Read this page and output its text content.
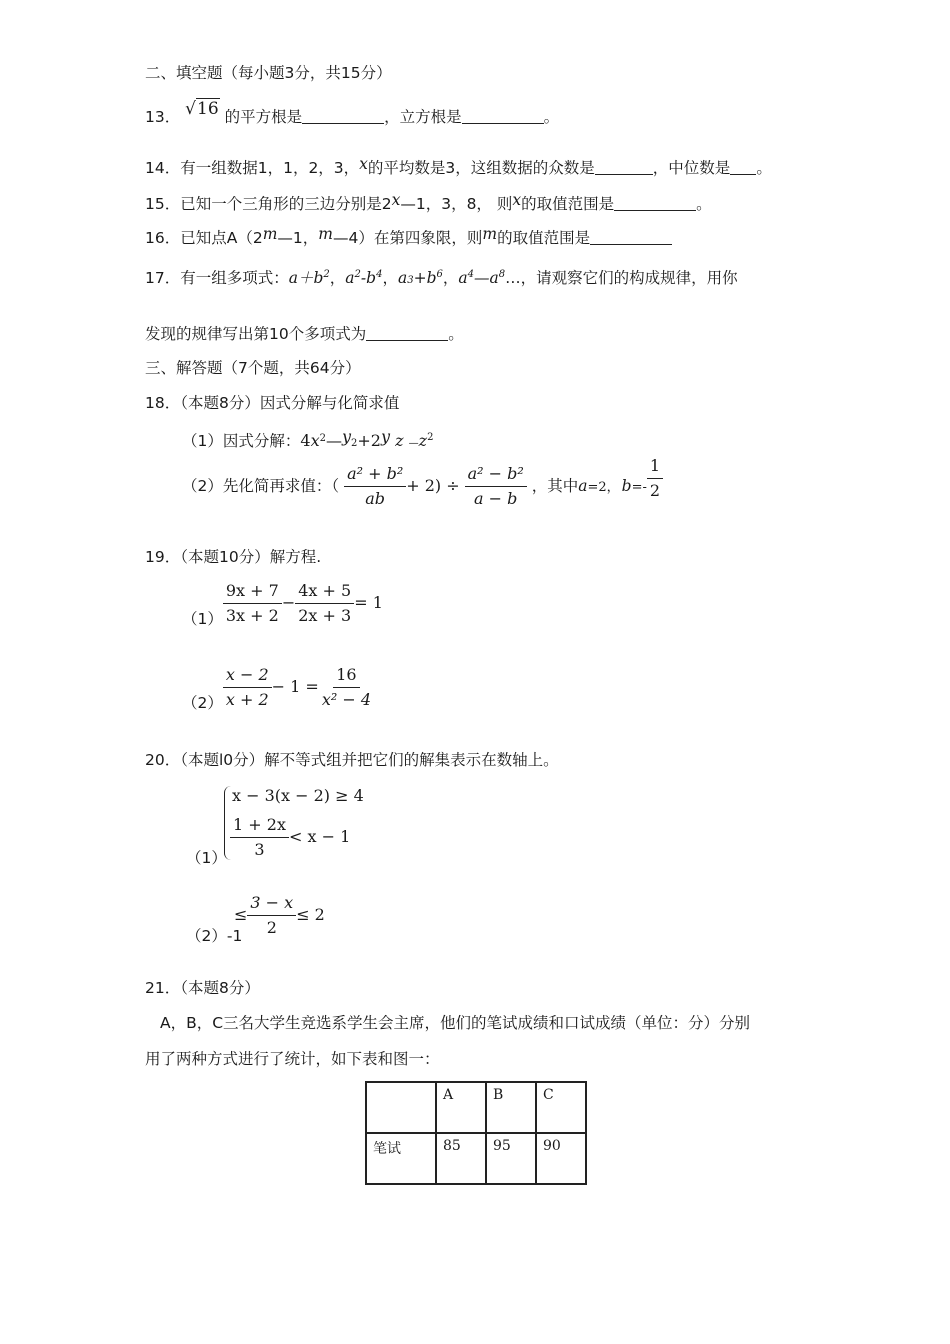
二、填空题（每小题3分，共15分）
13． √16 的平方根是	，立方根是	。
14．有一组数据1，1，2，3，x的平均数是3，这组数据的众数是	，中位数是 。
15．已知一个三角形的三边分别是2x—1，3，8， 则x的取值范围是	。
16．已知点A（2m—1，m—4）在第四象限，则m的取值范围是
17．有一组多项式：$a+b^2$，$a^2-b^4$，$a3+b^6$，$a^4—a^8\dots$，请观察它们的构成规律，用你
发现的规律写出第10个多项式为	。
三、解答题（7个题，共64分）
18．（本题8分）因式分解与化简求值
（1）因式分解：$4x^2—y2+2y$ z $—z^2$
（2）先化简再求值：（ $\frac{\text{a² + b²}}{ab} + 2) \div \frac{\text{a² − b²}}{a - b}$ ，其中a=2， $b=- \frac{1}{2}$
19．（本题10分）解方程.
$(1) \frac{9x + 7}{3x + 2} - \frac{4x + 5}{2x + 3} = 1$
$(2) \frac{x - 2}{x + 2} - 1 = \frac{16}{\text{x² − 4}}$
20．（本题l0分）解不等式组并把它们的解集表示在数轴上。
x − 3(x − 2) ≥ 4
$(1) \frac{1 + 2x}{3} < x - 1$
（2）-1
≤ $\frac{3 - x}{2} \le 2$
21．（本题8分）
A，B，C三名大学生竞选系学生会主席，他们的笔试成绩和口试成绩（单位：分）分别
用了两种方式进行了统计，如下表和图一：
	A	B	C
笔试	85	95	90
